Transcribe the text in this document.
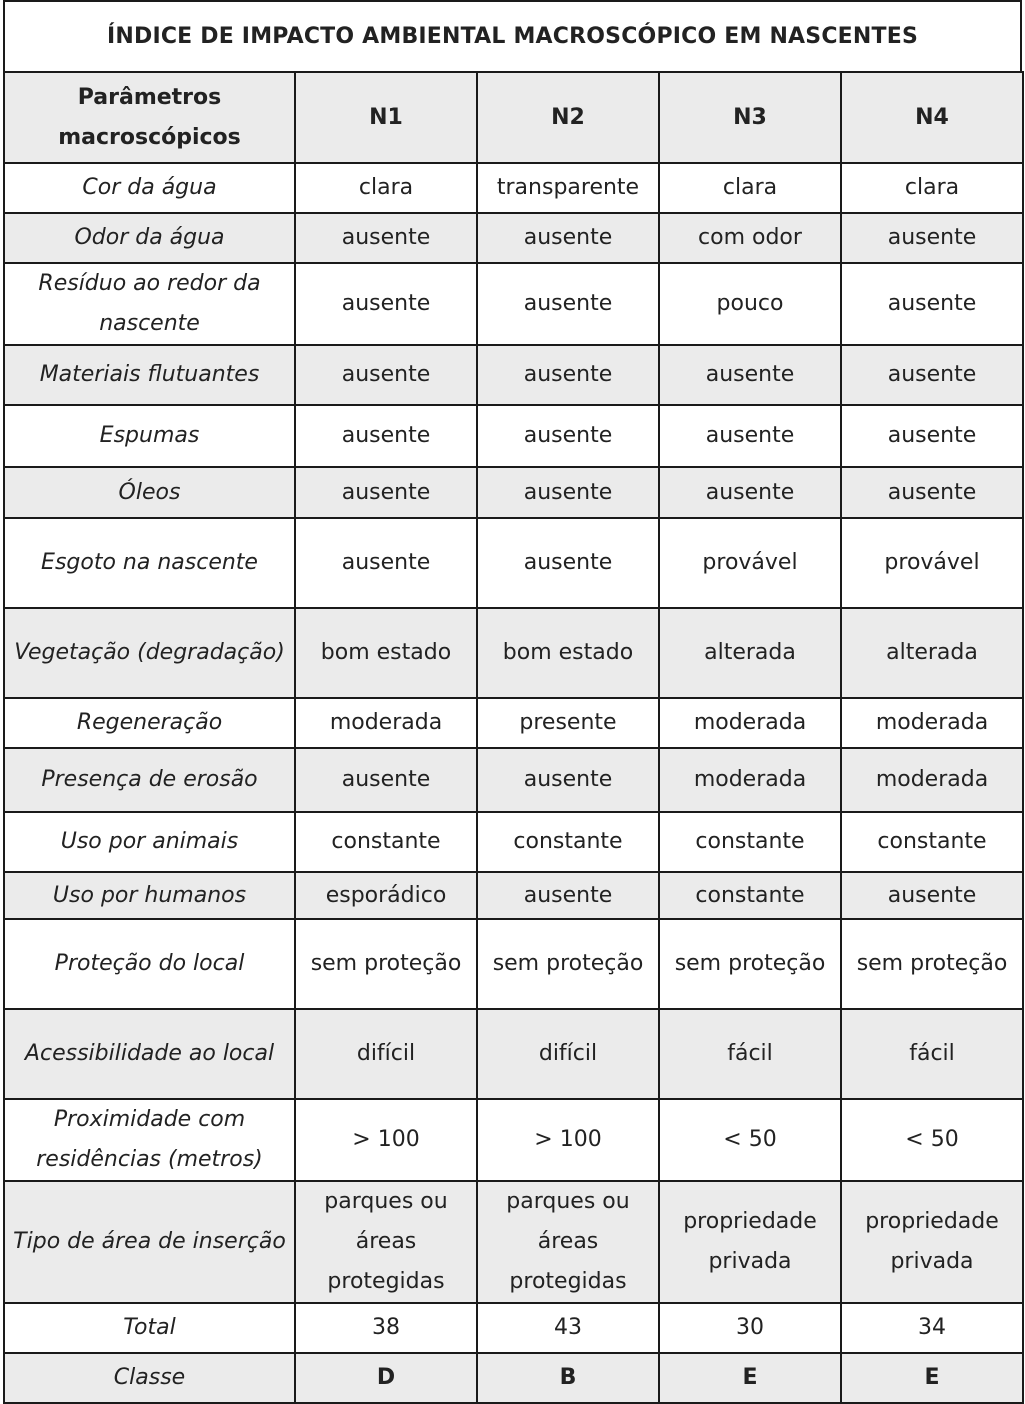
ÍNDICE DE IMPACTO AMBIENTAL MACROSCÓPICO EM NASCENTES
Parâmetros macroscópicos	N1	N2	N3	N4
Cor da água	clara	transparente	clara	clara
Odor da água	ausente	ausente	com odor	ausente
Resíduo ao redor da nascente	ausente	ausente	pouco	ausente
Materiais flutuantes	ausente	ausente	ausente	ausente
Espumas	ausente	ausente	ausente	ausente
Óleos	ausente	ausente	ausente	ausente
Esgoto na nascente	ausente	ausente	provável	provável
Vegetação (degradação)	bom estado	bom estado	alterada	alterada
Regeneração	moderada	presente	moderada	moderada
Presença de erosão	ausente	ausente	moderada	moderada
Uso por animais	constante	constante	constante	constante
Uso por humanos	esporádico	ausente	constante	ausente
Proteção do local	sem proteção	sem proteção	sem proteção	sem proteção
Acessibilidade ao local	difícil	difícil	fácil	fácil
Proximidade com residências (metros)	> 100	> 100	< 50	< 50
Tipo de área de inserção	parques ou áreas protegidas	parques ou áreas protegidas	propriedade privada	propriedade privada
Total	38	43	30	34
Classe	D	B	E	E
